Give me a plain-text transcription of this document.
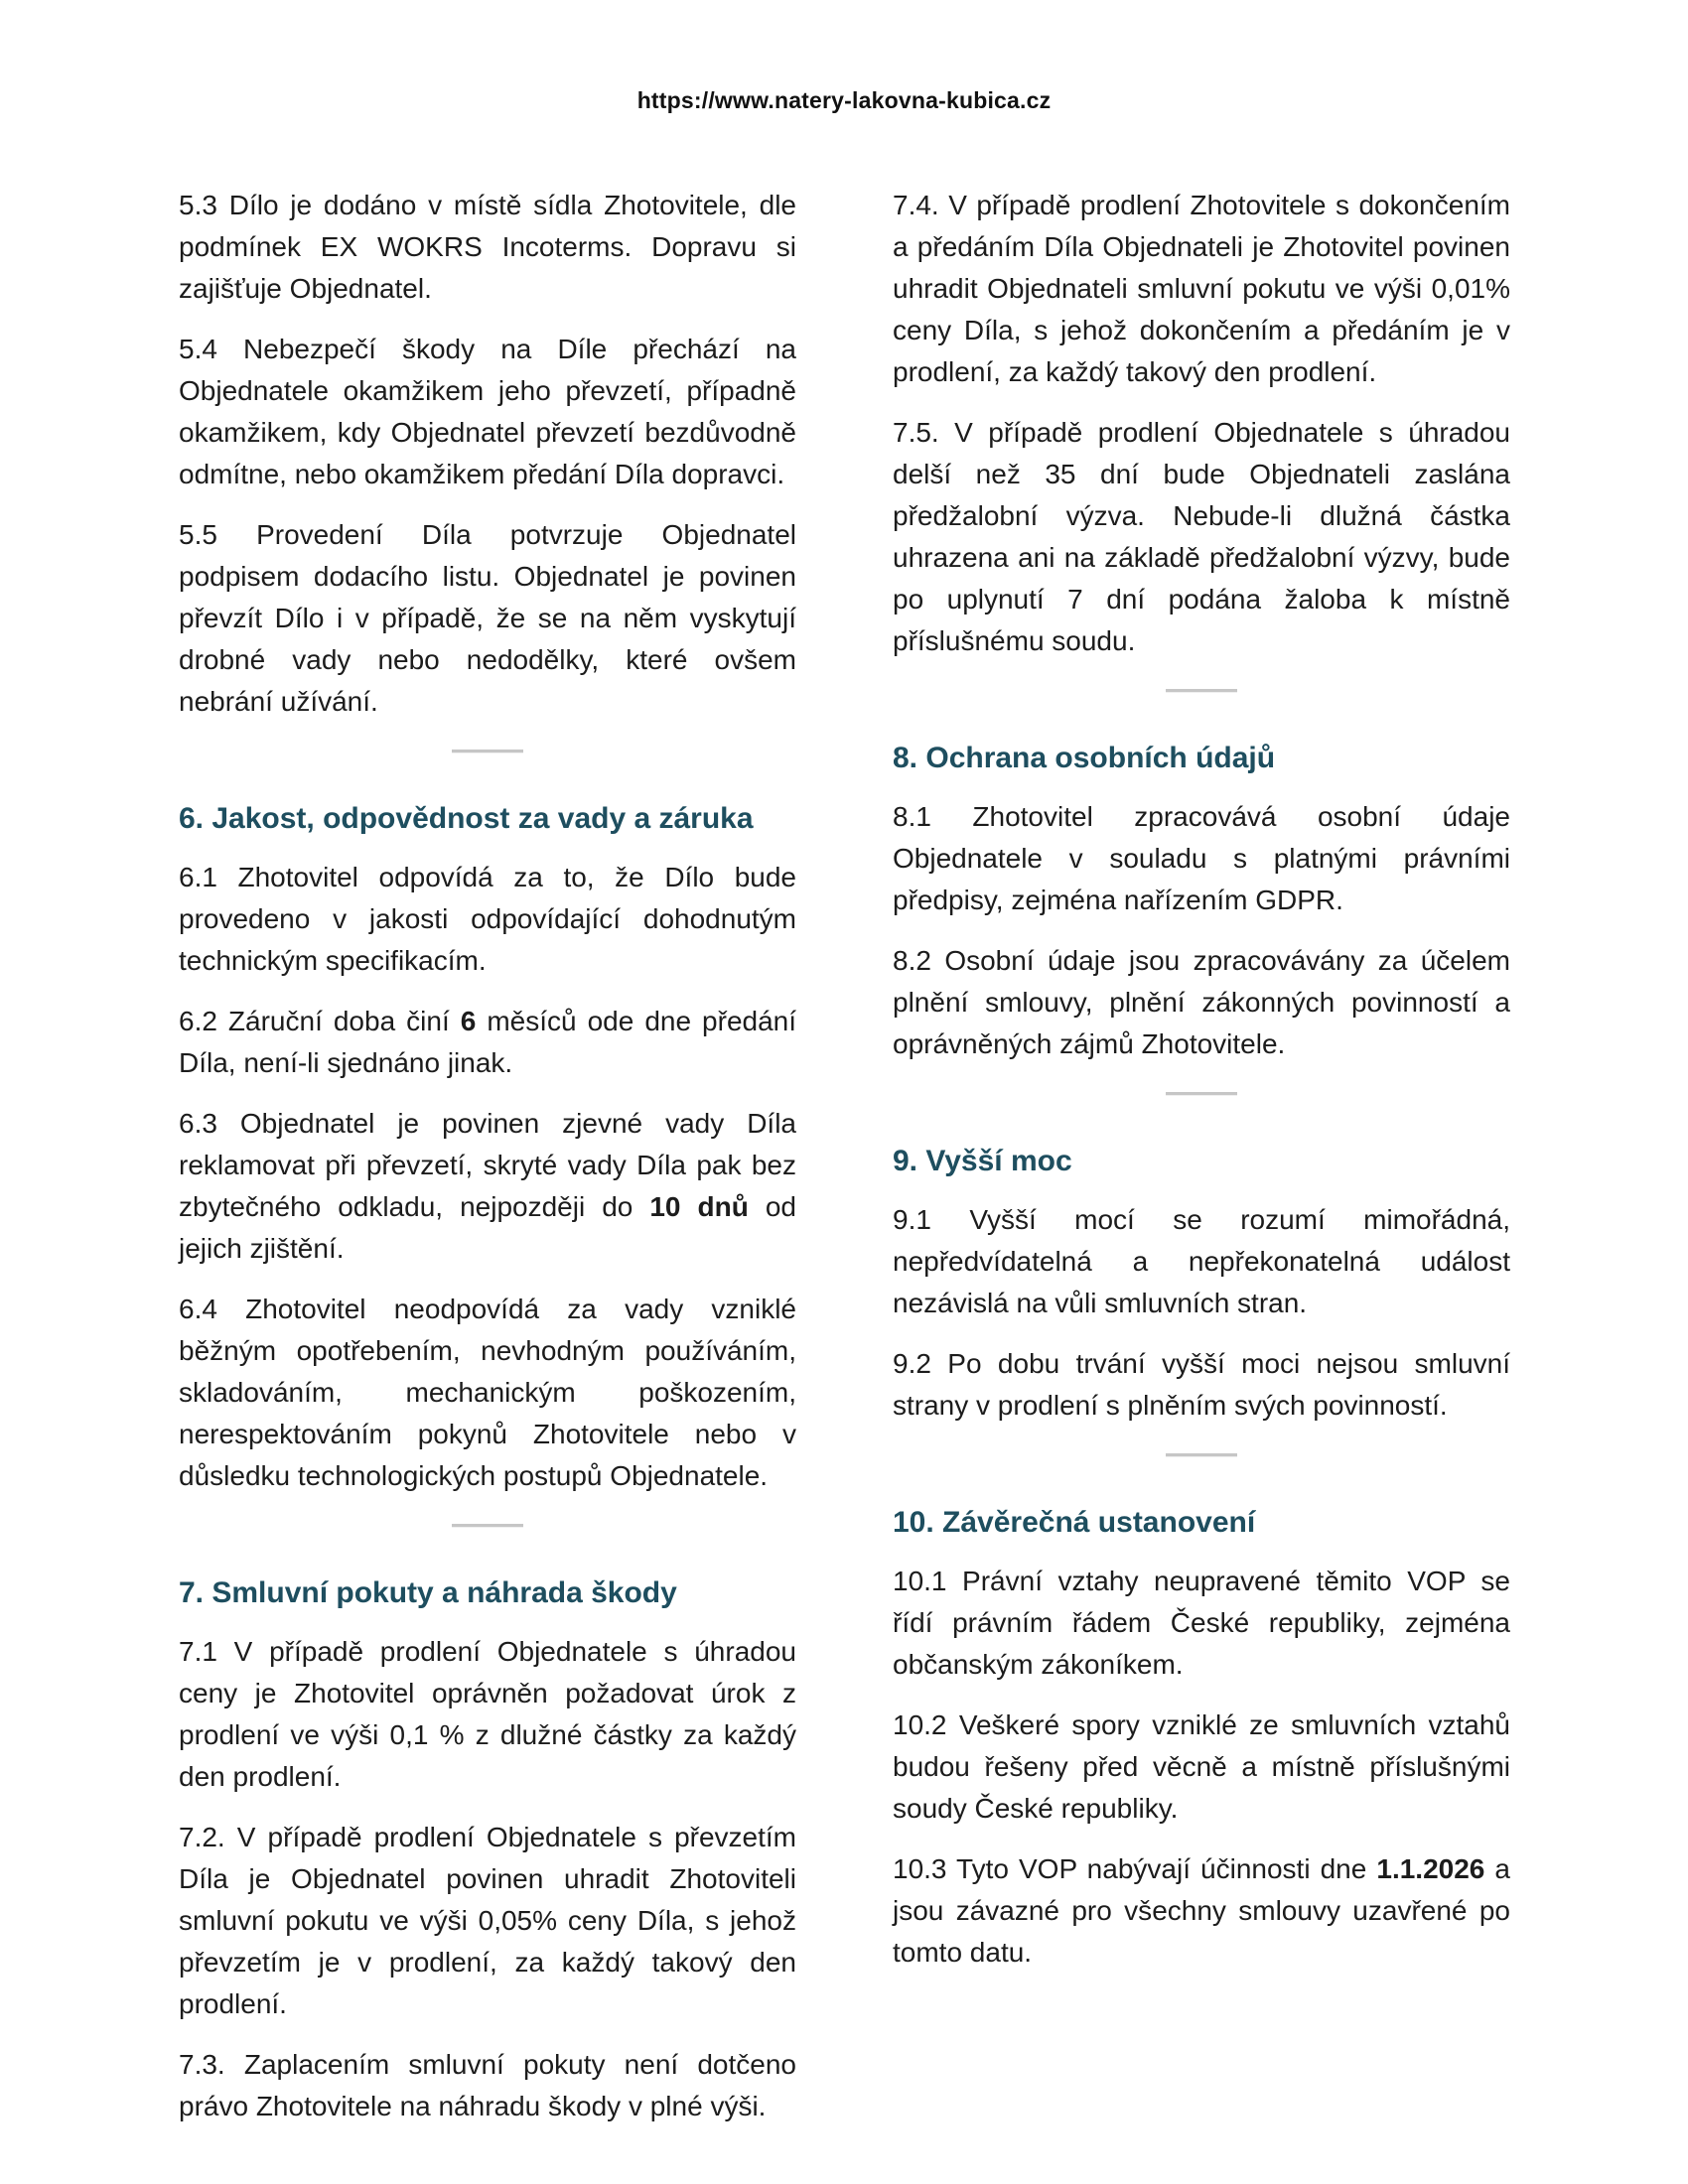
https://www.natery-lakovna-kubica.cz

5.3 Dílo je dodáno v místě sídla Zhotovitele, dle podmínek EX WOKRS Incoterms. Dopravu si zajišťuje Objednatel.

5.4 Nebezpečí škody na Díle přechází na Objednatele okamžikem jeho převzetí, případně okamžikem, kdy Objednatel převzetí bezdůvodně odmítne, nebo okamžikem předání Díla dopravci.

5.5 Provedení Díla potvrzuje Objednatel podpisem dodacího listu. Objednatel je povinen převzít Dílo i v případě, že se na něm vyskytují drobné vady nebo nedodělky, které ovšem nebrání užívání.

6. Jakost, odpovědnost za vady a záruka

6.1 Zhotovitel odpovídá za to, že Dílo bude provedeno v jakosti odpovídající dohodnutým technickým specifikacím.

6.2 Záruční doba činí 6 měsíců ode dne předání Díla, není-li sjednáno jinak.

6.3 Objednatel je povinen zjevné vady Díla reklamovat při převzetí, skryté vady Díla pak bez zbytečného odkladu, nejpozději do 10 dnů od jejich zjištění.

6.4 Zhotovitel neodpovídá za vady vzniklé běžným opotřebením, nevhodným používáním, skladováním, mechanickým poškozením, nerespektováním pokynů Zhotovitele nebo v důsledku technologických postupů Objednatele.

7. Smluvní pokuty a náhrada škody

7.1 V případě prodlení Objednatele s úhradou ceny je Zhotovitel oprávněn požadovat úrok z prodlení ve výši 0,1 % z dlužné částky za každý den prodlení.

7.2. V případě prodlení Objednatele s převzetím Díla je Objednatel povinen uhradit Zhotoviteli smluvní pokutu ve výši 0,05% ceny Díla, s jehož převzetím je v prodlení, za každý takový den prodlení.

7.3. Zaplacením smluvní pokuty není dotčeno právo Zhotovitele na náhradu škody v plné výši.

7.4. V případě prodlení Zhotovitele s dokončením a předáním Díla Objednateli je Zhotovitel povinen uhradit Objednateli smluvní pokutu ve výši 0,01% ceny Díla, s jehož dokončením a předáním je v prodlení, za každý takový den prodlení.

7.5. V případě prodlení Objednatele s úhradou delší než 35 dní bude Objednateli zaslána předžalobní výzva. Nebude-li dlužná částka uhrazena ani na základě předžalobní výzvy, bude po uplynutí 7 dní podána žaloba k místně příslušnému soudu.

8. Ochrana osobních údajů

8.1 Zhotovitel zpracovává osobní údaje Objednatele v souladu s platnými právními předpisy, zejména nařízením GDPR.

8.2 Osobní údaje jsou zpracovávány za účelem plnění smlouvy, plnění zákonných povinností a oprávněných zájmů Zhotovitele.

9. Vyšší moc

9.1 Vyšší mocí se rozumí mimořádná, nepředvídatelná a nepřekonatelná událost nezávislá na vůli smluvních stran.

9.2 Po dobu trvání vyšší moci nejsou smluvní strany v prodlení s plněním svých povinností.

10. Závěrečná ustanovení

10.1 Právní vztahy neupravené těmito VOP se řídí právním řádem České republiky, zejména občanským zákoníkem.

10.2 Veškeré spory vzniklé ze smluvních vztahů budou řešeny před věcně a místně příslušnými soudy České republiky.

10.3 Tyto VOP nabývají účinnosti dne 1.1.2026 a jsou závazné pro všechny smlouvy uzavřené po tomto datu.
